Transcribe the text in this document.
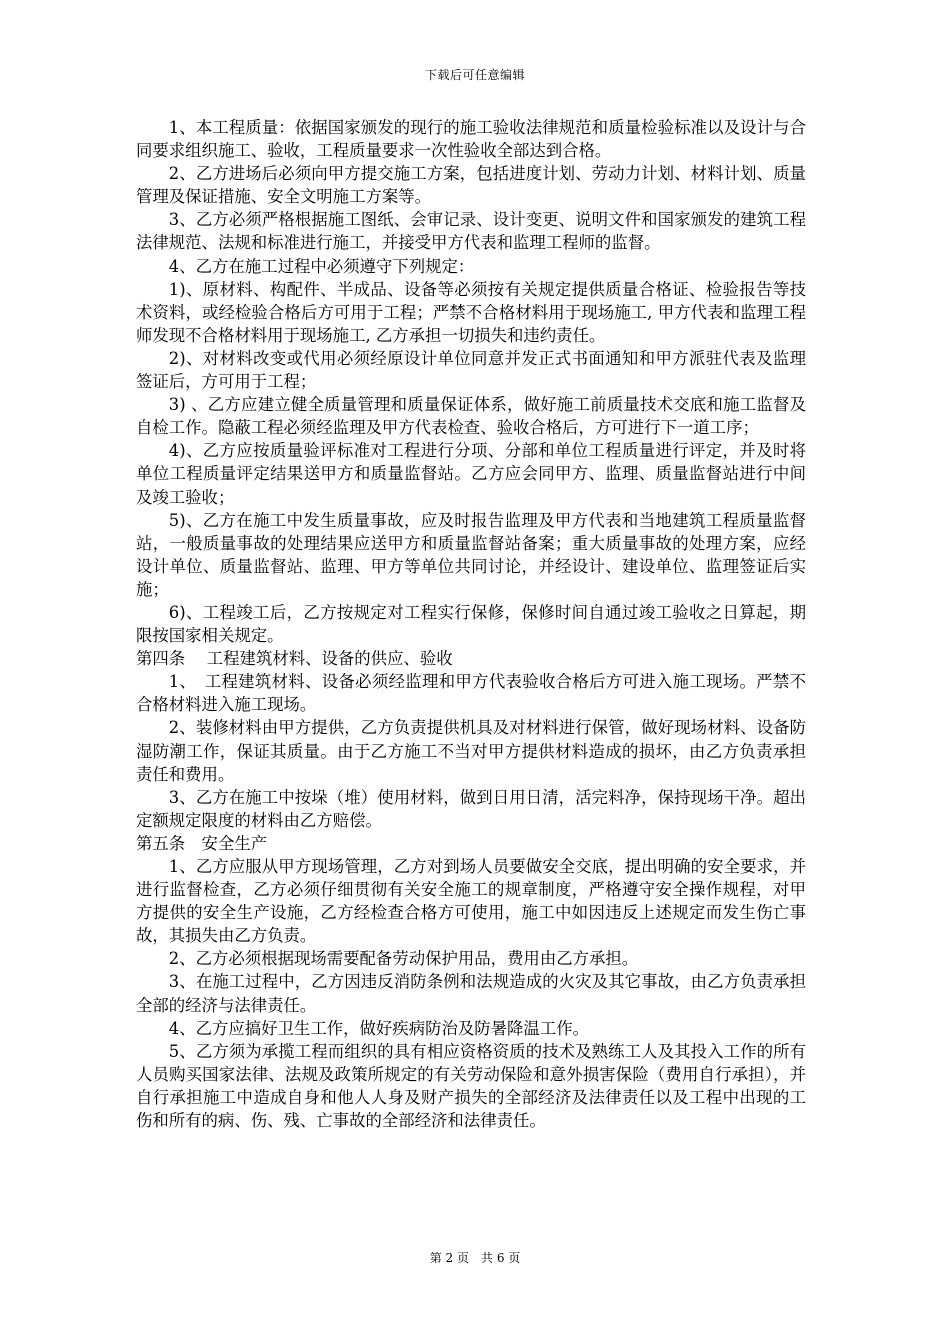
下载后可任意编辑

1、本工程质量：依据国家颁发的现行的施工验收法律规范和质量检验标准以及设计与合同要求组织施工、验收，工程质量要求一次性验收全部达到合格。

2、乙方进场后必须向甲方提交施工方案，包括进度计划、劳动力计划、材料计划、质量管理及保证措施、安全文明施工方案等。

3、乙方必须严格根据施工图纸、会审记录、设计变更、说明文件和国家颁发的建筑工程法律规范、法规和标准进行施工，并接受甲方代表和监理工程师的监督。

4、乙方在施工过程中必须遵守下列规定：

1)、原材料、构配件、半成品、设备等必须按有关规定提供质量合格证、检验报告等技术资料，或经检验合格后方可用于工程；严禁不合格材料用于现场施工, 甲方代表和监理工程师发现不合格材料用于现场施工, 乙方承担一切损失和违约责任。

2)、对材料改变或代用必须经原设计单位同意并发正式书面通知和甲方派驻代表及监理签证后，方可用于工程；

3) 、乙方应建立健全质量管理和质量保证体系，做好施工前质量技术交底和施工监督及自检工作。隐蔽工程必须经监理及甲方代表检查、验收合格后，方可进行下一道工序；

4)、乙方应按质量验评标准对工程进行分项、分部和单位工程质量进行评定，并及时将单位工程质量评定结果送甲方和质量监督站。乙方应会同甲方、监理、质量监督站进行中间及竣工验收；

5)、乙方在施工中发生质量事故，应及时报告监理及甲方代表和当地建筑工程质量监督站，一般质量事故的处理结果应送甲方和质量监督站备案；重大质量事故的处理方案，应经设计单位、质量监督站、监理、甲方等单位共同讨论，并经设计、建设单位、监理签证后实施；

6)、工程竣工后，乙方按规定对工程实行保修，保修时间自通过竣工验收之日算起，期限按国家相关规定。

第四条　 工程建筑材料、设备的供应、验收

1、　工程建筑材料、设备必须经监理和甲方代表验收合格后方可进入施工现场。严禁不合格材料进入施工现场。

2、装修材料由甲方提供，乙方负责提供机具及对材料进行保管，做好现场材料、设备防湿防潮工作，保证其质量。由于乙方施工不当对甲方提供材料造成的损坏，由乙方负责承担责任和费用。

3、乙方在施工中按垛（堆）使用材料，做到日用日清，活完料净，保持现场干净。超出定额规定限度的材料由乙方赔偿。

第五条　安全生产

1、乙方应服从甲方现场管理，乙方对到场人员要做安全交底，提出明确的安全要求，并进行监督检查，乙方必须仔细贯彻有关安全施工的规章制度，严格遵守安全操作规程，对甲方提供的安全生产设施，乙方经检查合格方可使用，施工中如因违反上述规定而发生伤亡事故，其损失由乙方负责。

2、乙方必须根据现场需要配备劳动保护用品，费用由乙方承担。

3、在施工过程中，乙方因违反消防条例和法规造成的火灾及其它事故，由乙方负责承担全部的经济与法律责任。

4、乙方应搞好卫生工作，做好疾病防治及防暑降温工作。

5、乙方须为承揽工程而组织的具有相应资格资质的技术及熟练工人及其投入工作的所有人员购买国家法律、法规及政策所规定的有关劳动保险和意外损害保险（费用自行承担），并自行承担施工中造成自身和他人人身及财产损失的全部经济及法律责任以及工程中出现的工伤和所有的病、伤、残、亡事故的全部经济和法律责任。

第 2 页　共 6 页
